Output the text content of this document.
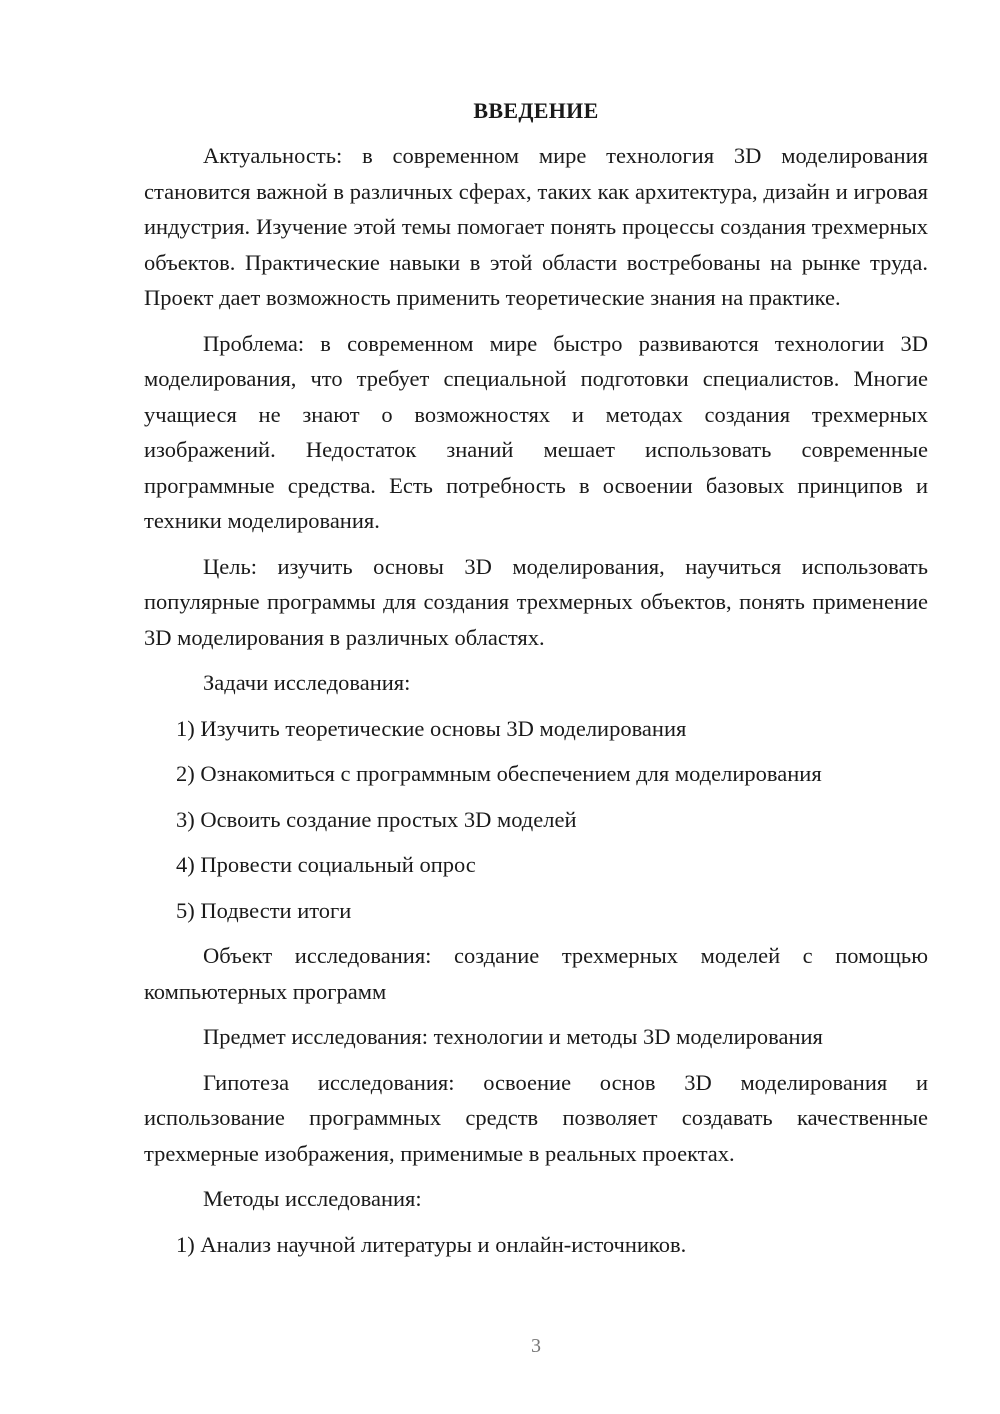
ВВЕДЕНИЕ

Актуальность: в современном мире технология 3D моделирования становится важной в различных сферах, таких как архитектура, дизайн и игровая индустрия. Изучение этой темы помогает понять процессы создания трехмерных объектов. Практические навыки в этой области востребованы на рынке труда. Проект дает возможность применить теоретические знания на практике.

Проблема: в современном мире быстро развиваются технологии 3D моделирования, что требует специальной подготовки специалистов. Многие учащиеся не знают о возможностях и методах создания трехмерных изображений. Недостаток знаний мешает использовать современные программные средства. Есть потребность в освоении базовых принципов и техники моделирования.

Цель: изучить основы 3D моделирования, научиться использовать популярные программы для создания трехмерных объектов, понять применение 3D моделирования в различных областях.

Задачи исследования:

1) Изучить теоретические основы 3D моделирования
2) Ознакомиться с программным обеспечением для моделирования
3) Освоить создание простых 3D моделей
4) Провести социальный опрос
5) Подвести итоги

Объект исследования: создание трехмерных моделей с помощью компьютерных программ

Предмет исследования: технологии и методы 3D моделирования

Гипотеза исследования: освоение основ 3D моделирования и использование программных средств позволяет создавать качественные трехмерные изображения, применимые в реальных проектах.

Методы исследования:

1) Анализ научной литературы и онлайн-источников.
3
